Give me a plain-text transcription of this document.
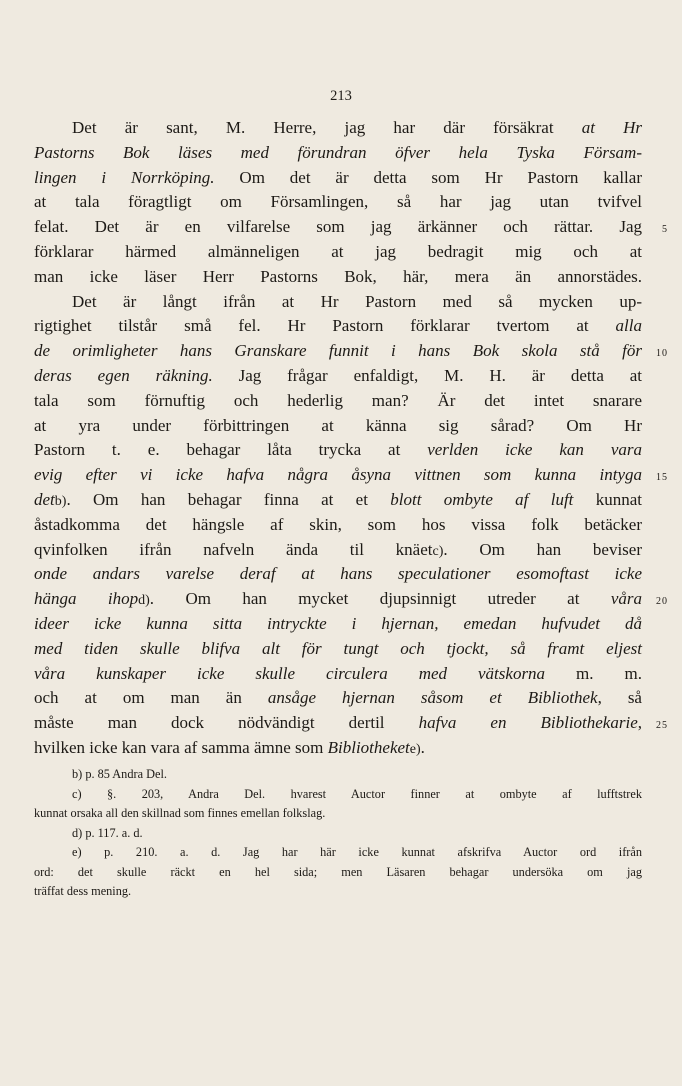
213
Det är sant, M. Herre, jag har där försäkrat at Hr
Pastorns Bok läses med förundran öfver hela Tyska Försam-
lingen i Norrköping. Om det är detta som Hr Pastorn kallar
at tala föragtligt om Församlingen, så har jag utan tvifvel
felat. Det är en vilfarelse som jag ärkänner och rättar. Jag 5
förklarar härmed almänneligen at jag bedragit mig och at
man icke läser Herr Pastorns Bok, här, mera än annorstädes.
Det är långt ifrån at Hr Pastorn med så mycken up-
rigtighet tilstår små fel. Hr Pastorn förklarar tvertom at alla
de orimligheter hans Granskare funnit i hans Bok skola stå för 10
deras egen räkning. Jag frågar enfaldigt, M. H. är detta at
tala som förnuftig och hederlig man? Är det intet snarare
at yra under förbittringen at känna sig sårad? Om Hr
Pastorn t. e. behagar låta trycka at verlden icke kan vara
evig efter vi icke hafva några åsyna vittnen som kunna intyga 15
detb). Om han behagar finna at et blott ombyte af luft kunnat
åstadkomma det hängsle af skin, som hos vissa folk betäcker
qvinfolken ifrån nafveln ända til knäetc). Om han beviser
onde andars varelse deraf at hans speculationer esomoftast icke
hänga ihopd). Om han mycket djupsinnigt utreder at våra 20
ideer icke kunna sitta intryckte i hjernan, emedan hufvudet då
med tiden skulle blifva alt för tungt och tjockt, så framt eljest
våra kunskaper icke skulle circulera med vätskorna m. m.
och at om man än ansåge hjernan såsom et Bibliothek, så
måste man dock nödvändigt dertil hafva en Bibliothekarie, 25
hvilken icke kan vara af samma ämne som Bibliothekete).
b) p. 85 Andra Del.
c) §. 203, Andra Del. hvarest Auctor finner at ombyte af lufftstrek
kunnat orsaka all den skillnad som finnes emellan folkslag.
d) p. 117. a. d.
e) p. 210. a. d. Jag har här icke kunnat afskrifva Auctor ord ifrån
ord: det skulle räckt en hel sida; men Läsaren behagar undersöka om jag
träffat dess mening.
